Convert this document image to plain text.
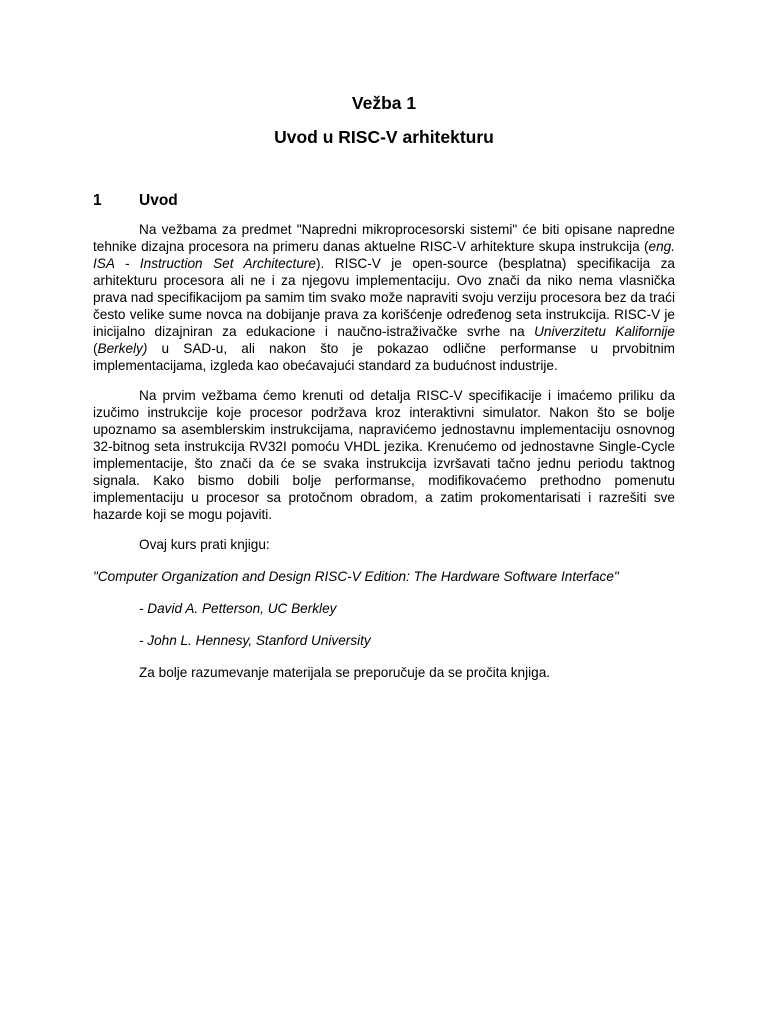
Vežba 1
Uvod u RISC-V arhitekturu
1	Uvod

Na vežbama za predmet "Napredni mikroprocesorski sistemi" će biti opisane napredne tehnike dizajna procesora na primeru danas aktuelne RISC-V arhitekture skupa instrukcija (eng. ISA - Instruction Set Architecture). RISC-V je open-source (besplatna) specifikacija za arhitekturu procesora ali ne i za njegovu implementaciju. Ovo znači da niko nema vlasnička prava nad specifikacijom pa samim tim svako može napraviti svoju verziju procesora bez da traći često velike sume novca na dobijanje prava za korišćenje određenog seta instrukcija. RISC-V je inicijalno dizajniran za edukacione i naučno-istraživačke svrhe na Univerzitetu Kalifornije (Berkely) u SAD-u, ali nakon što je pokazao odlične performanse u prvobitnim implementacijama, izgleda kao obećavajući standard za budućnost industrije.

Na prvim vežbama ćemo krenuti od detalja RISC-V specifikacije i imaćemo priliku da izučimo instrukcije koje procesor podržava kroz interaktivni simulator. Nakon što se bolje upoznamo sa asemblerskim instrukcijama, napravićemo jednostavnu implementaciju osnovnog 32-bitnog seta instrukcija RV32I pomoću VHDL jezika. Krenućemo od jednostavne Single-Cycle implementacije, što znači da će se svaka instrukcija izvršavati tačno jednu periodu taktnog signala. Kako bismo dobili bolje performanse, modifikovaćemo prethodno pomenutu implementaciju u procesor sa protočnom obradom, a zatim prokomentarisati i razrešiti sve hazarde koji se mogu pojaviti.

Ovaj kurs prati knjigu:

"Computer Organization and Design RISC-V Edition: The Hardware Software Interface"

- David A. Petterson, UC Berkley

- John L. Hennesy, Stanford University

Za bolje razumevanje materijala se preporučuje da se pročita knjiga.
